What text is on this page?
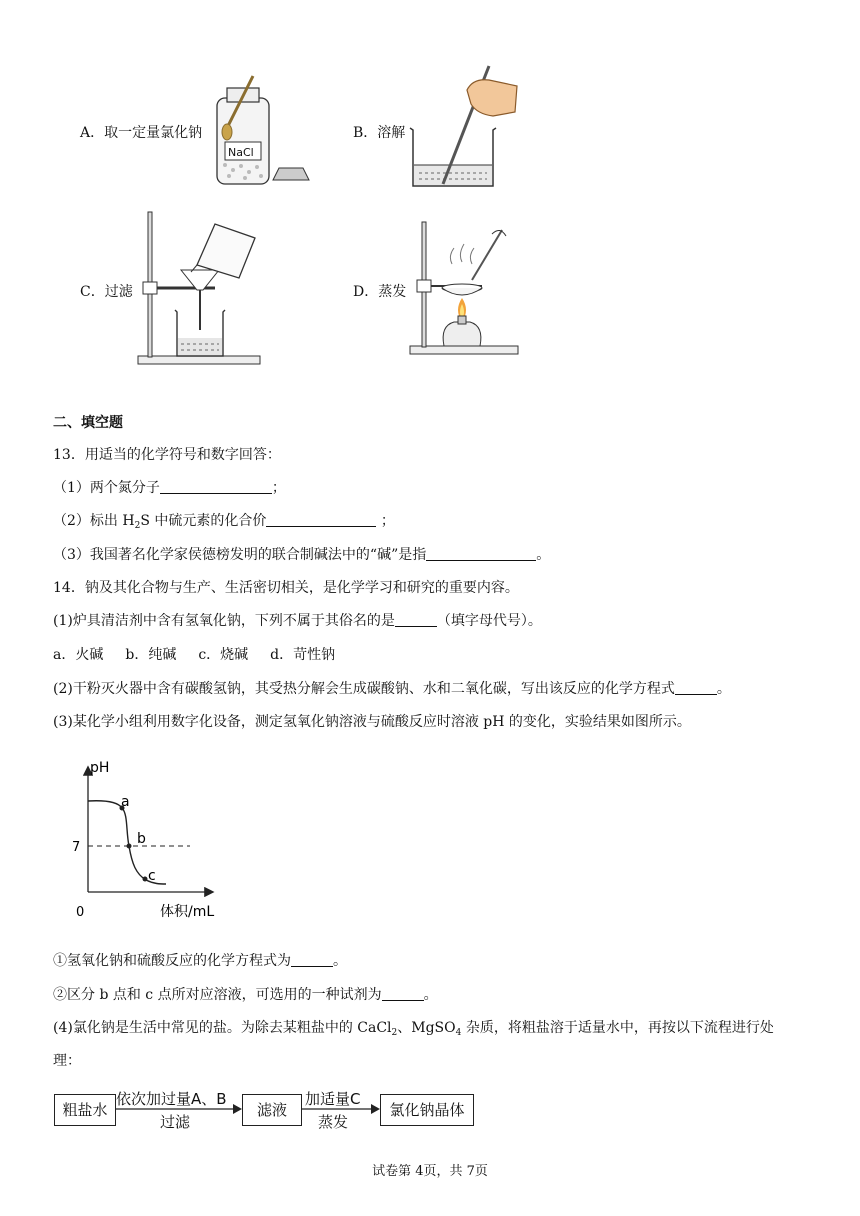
A．取一定量氯化钠
NaCl
B．溶解
C．过滤	D．蒸发
二、填空题
13．用适当的化学符号和数字回答：
（1）两个氮分子	；
（2）标出 $H_2S$ 中硫元素的化合价	；
（3）我国著名化学家侯德榜发明的联合制碱法中的“碱”是指	。
14．钠及其化合物与生产、生活密切相关，是化学学习和研究的重要内容。
(1)炉具清洁剂中含有氢氧化钠，下列不属于其俗名的是	（填字母代号）。
a．火碱 b．纯碱 c．烧碱 d．苛性钠
(2)干粉灭火器中含有碳酸氢钠，其受热分解会生成碳酸钠、水和二氧化碳，写出该反应的化学方程式	。
(3)某化学小组利用数字化设备，测定氢氧化钠溶液与硫酸反应时溶液 pH 的变化，实验结果如图所示。
pH
体积/mL
0
7
a
b
c
①氢氧化钠和硫酸反应的化学方程式为	。
②区分 b 点和 c 点所对应溶液，可选用的一种试剂为	。
(4)氯化钠是生活中常见的盐。为除去某粗盐中的 CaCl$_2$、MgSO$_4$ 杂质，将粗盐溶于适量水中，再按以下流程进行处
理：
粗盐水
依次加过量A、B
过滤
滤液
加适量C
蒸发
氯化钠晶体
试卷第 4页，共 7页
